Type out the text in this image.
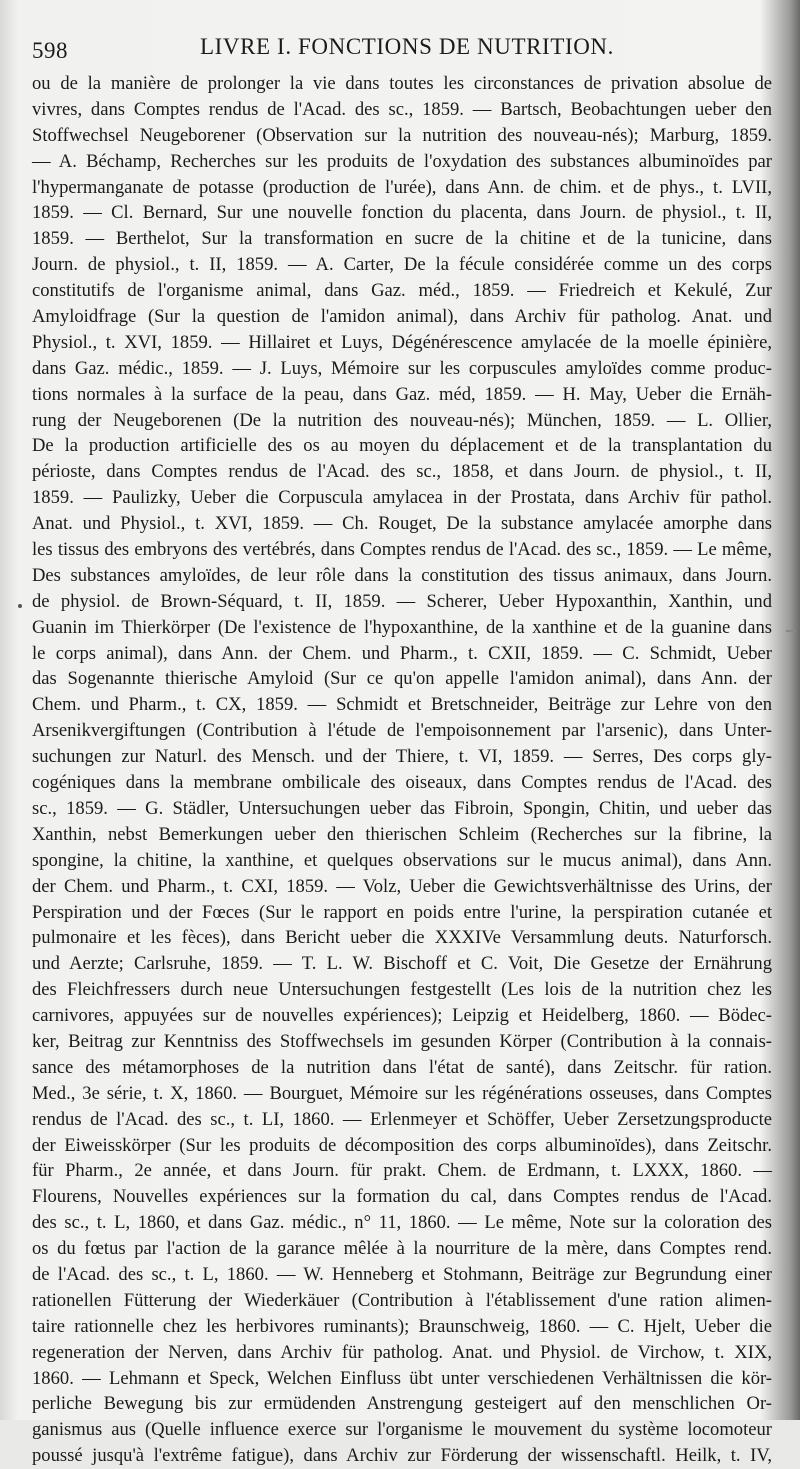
598	LIVRE I. FONCTIONS DE NUTRITION.
ou de la manière de prolonger la vie dans toutes les circonstances de privation absolue de
vivres, dans Comptes rendus de l'Acad. des sc., 1859. — Bartsch, Beobachtungen ueber den
Stoffwechsel Neugeborener (Observation sur la nutrition des nouveau-nés); Marburg, 1859.
— A. Béchamp, Recherches sur les produits de l'oxydation des substances albuminoïdes par
l'hypermanganate de potasse (production de l'urée), dans Ann. de chim. et de phys., t. LVII,
1859. — Cl. Bernard, Sur une nouvelle fonction du placenta, dans Journ. de physiol., t. II,
1859. — Berthelot, Sur la transformation en sucre de la chitine et de la tunicine, dans
Journ. de physiol., t. II, 1859. — A. Carter, De la fécule considérée comme un des corps
constitutifs de l'organisme animal, dans Gaz. méd., 1859. — Friedreich et Kekulé, Zur
Amyloidfrage (Sur la question de l'amidon animal), dans Archiv für patholog. Anat. und
Physiol., t. XVI, 1859. — Hillairet et Luys, Dégénérescence amylacée de la moelle épinière,
dans Gaz. médic., 1859. — J. Luys, Mémoire sur les corpuscules amyloïdes comme produc-
tions normales à la surface de la peau, dans Gaz. méd, 1859. — H. May, Ueber die Ernäh-
rung der Neugeborenen (De la nutrition des nouveau-nés); München, 1859. — L. Ollier,
De la production artificielle des os au moyen du déplacement et de la transplantation du
périoste, dans Comptes rendus de l'Acad. des sc., 1858, et dans Journ. de physiol., t. II,
1859. — Paulizky, Ueber die Corpuscula amylacea in der Prostata, dans Archiv für pathol.
Anat. und Physiol., t. XVI, 1859. — Ch. Rouget, De la substance amylacée amorphe dans
les tissus des embryons des vertébrés, dans Comptes rendus de l'Acad. des sc., 1859. — Le même,
Des substances amyloïdes, de leur rôle dans la constitution des tissus animaux, dans Journ.
de physiol. de Brown-Séquard, t. II, 1859. — Scherer, Ueber Hypoxanthin, Xanthin, und
Guanin im Thierkörper (De l'existence de l'hypoxanthine, de la xanthine et de la guanine dans
le corps animal), dans Ann. der Chem. und Pharm., t. CXII, 1859. — C. Schmidt, Ueber
das Sogenannte thierische Amyloid (Sur ce qu'on appelle l'amidon animal), dans Ann. der
Chem. und Pharm., t. CX, 1859. — Schmidt et Bretschneider, Beiträge zur Lehre von den
Arsenikvergiftungen (Contribution à l'étude de l'empoisonnement par l'arsenic), dans Unter-
suchungen zur Naturl. des Mensch. und der Thiere, t. VI, 1859. — Serres, Des corps gly-
cogéniques dans la membrane ombilicale des oiseaux, dans Comptes rendus de l'Acad. des
sc., 1859. — G. Städler, Untersuchungen ueber das Fibroin, Spongin, Chitin, und ueber das
Xanthin, nebst Bemerkungen ueber den thierischen Schleim (Recherches sur la fibrine, la
spongine, la chitine, la xanthine, et quelques observations sur le mucus animal), dans Ann.
der Chem. und Pharm., t. CXI, 1859. — Volz, Ueber die Gewichtsverhältnisse des Urins, der
Perspiration und der Fœces (Sur le rapport en poids entre l'urine, la perspiration cutanée et
pulmonaire et les fèces), dans Bericht ueber die XXXIVe Versammlung deuts. Naturforsch.
und Aerzte; Carlsruhe, 1859. — T. L. W. Bischoff et C. Voit, Die Gesetze der Ernährung
des Fleichfressers durch neue Untersuchungen festgestellt (Les lois de la nutrition chez les
carnivores, appuyées sur de nouvelles expériences); Leipzig et Heidelberg, 1860. — Bödec-
ker, Beitrag zur Kenntniss des Stoffwechsels im gesunden Körper (Contribution à la connais-
sance des métamorphoses de la nutrition dans l'état de santé), dans Zeitschr. für ration.
Med., 3e série, t. X, 1860. — Bourguet, Mémoire sur les régénérations osseuses, dans Comptes
rendus de l'Acad. des sc., t. LI, 1860. — Erlenmeyer et Schöffer, Ueber Zersetzungsproducte
der Eiweisskörper (Sur les produits de décomposition des corps albuminoïdes), dans Zeitschr.
für Pharm., 2e année, et dans Journ. für prakt. Chem. de Erdmann, t. LXXX, 1860. —
Flourens, Nouvelles expériences sur la formation du cal, dans Comptes rendus de l'Acad.
des sc., t. L, 1860, et dans Gaz. médic., n° 11, 1860. — Le même, Note sur la coloration des
os du fœtus par l'action de la garance mêlée à la nourriture de la mère, dans Comptes rend.
de l'Acad. des sc., t. L, 1860. — W. Henneberg et Stohmann, Beiträge zur Begrundung einer
rationellen Fütterung der Wiederkäuer (Contribution à l'établissement d'une ration alimen-
taire rationnelle chez les herbivores ruminants); Braunschweig, 1860. — C. Hjelt, Ueber die
regeneration der Nerven, dans Archiv für patholog. Anat. und Physiol. de Virchow, t. XIX,
1860. — Lehmann et Speck, Welchen Einfluss übt unter verschiedenen Verhältnissen die kör-
perliche Bewegung bis zur ermüdenden Anstrengung gesteigert auf den menschlichen Or-
ganismus aus (Quelle influence exerce sur l'organisme le mouvement du système locomoteur
poussé jusqu'à l'extrême fatigue), dans Archiv zur Förderung der wissenschaftl. Heilk, t. IV,
